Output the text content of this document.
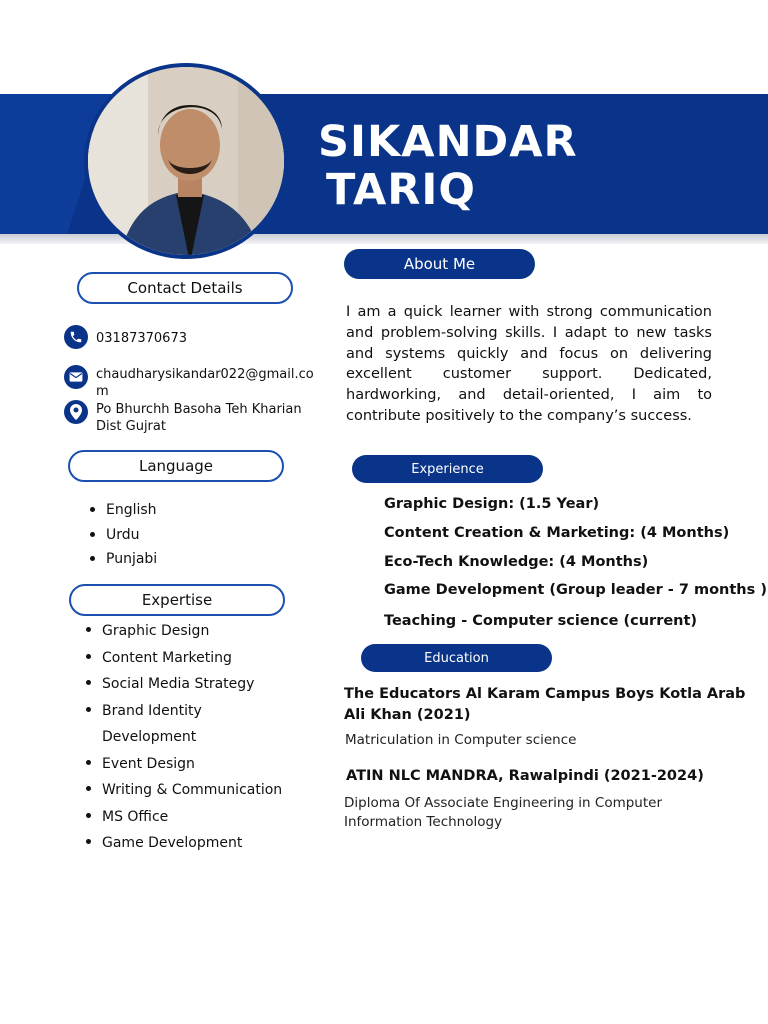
SIKANDAR
TARIQ
Contact Details
03187370673
chaudharysikandar022@gmail.com
Po Bhurchh Basoha Teh Kharian Dist Gujrat
Language
English
Urdu
Punjabi
Expertise
Graphic Design
Content Marketing
Social Media Strategy
Brand Identity Development
Event Design
Writing & Communication
MS Office
Game Development
About Me
I am a quick learner with strong communication and problem-solving skills. I adapt to new tasks and systems quickly and focus on delivering excellent customer support. Dedicated, hardworking, and detail-oriented, I aim to contribute positively to the company’s success.
Experience
Graphic Design: (1.5 Year)
Content Creation & Marketing: (4 Months)
Eco-Tech Knowledge: (4 Months)
Game Development (Group leader - 7 months )
Teaching - Computer science (current)
Education
The Educators Al Karam Campus Boys Kotla Arab Ali Khan (2021)
Matriculation in Computer science
ATIN NLC MANDRA, Rawalpindi (2021-2024)
Diploma Of Associate Engineering in Computer Information Technology
